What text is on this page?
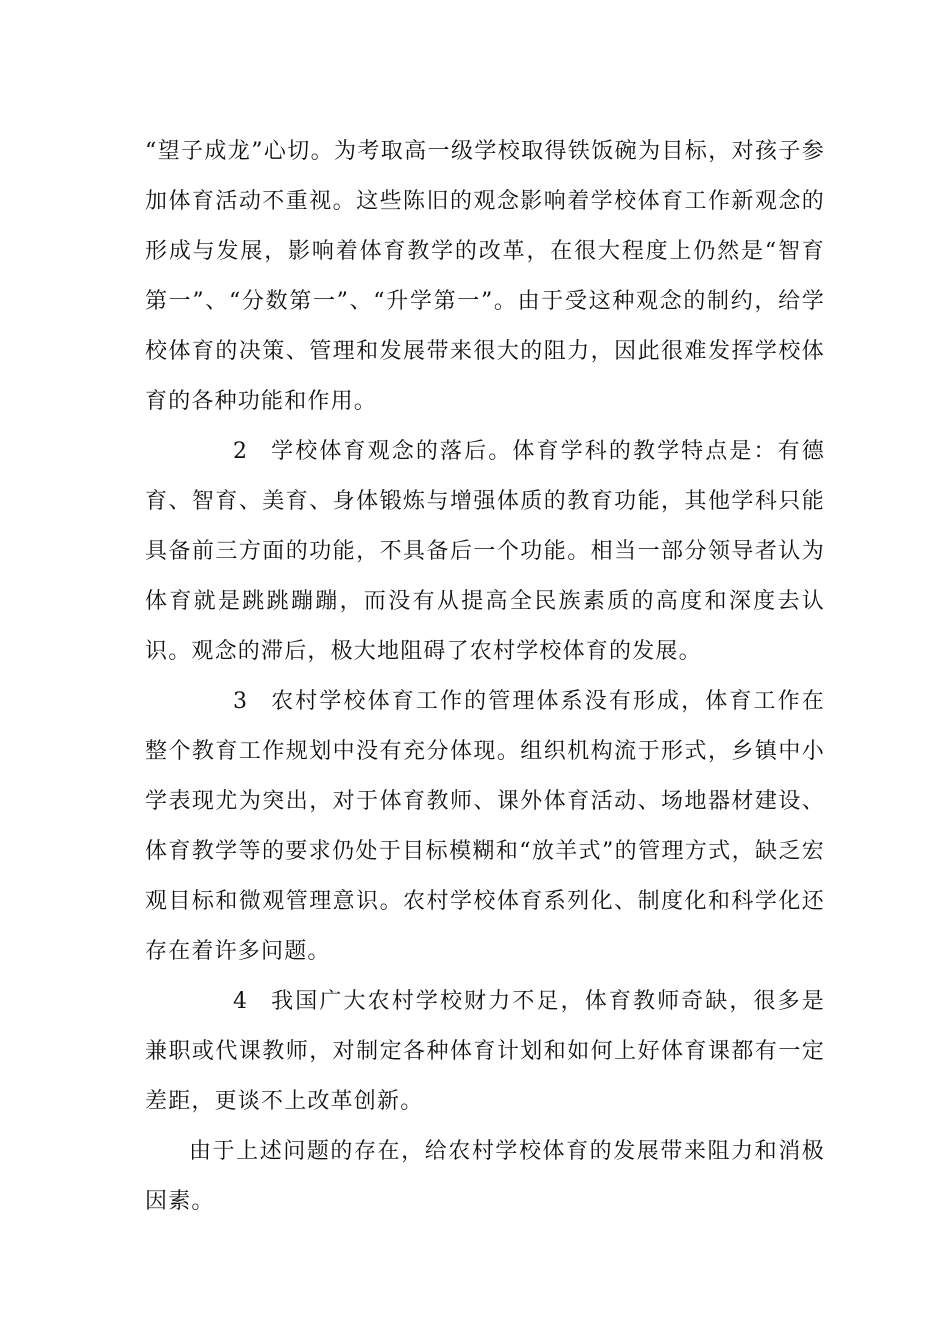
“望子成龙”心切。为考取高一级学校取得铁饭碗为目标，对孩子参加体育活动不重视。这些陈旧的观念影响着学校体育工作新观念的形成与发展，影响着体育教学的改革，在很大程度上仍然是“智育第一”、“分数第一”、“升学第一”。由于受这种观念的制约，给学校体育的决策、管理和发展带来很大的阻力，因此很难发挥学校体育的各种功能和作用。

2 学校体育观念的落后。体育学科的教学特点是：有德育、智育、美育、身体锻炼与增强体质的教育功能，其他学科只能具备前三方面的功能，不具备后一个功能。相当一部分领导者认为体育就是跳跳蹦蹦，而没有从提高全民族素质的高度和深度去认识。观念的滞后，极大地阻碍了农村学校体育的发展。

3 农村学校体育工作的管理体系没有形成，体育工作在整个教育工作规划中没有充分体现。组织机构流于形式，乡镇中小学表现尤为突出，对于体育教师、课外体育活动、场地器材建设、体育教学等的要求仍处于目标模糊和“放羊式”的管理方式，缺乏宏观目标和微观管理意识。农村学校体育系列化、制度化和科学化还存在着许多问题。

4 我国广大农村学校财力不足，体育教师奇缺，很多是兼职或代课教师，对制定各种体育计划和如何上好体育课都有一定差距，更谈不上改革创新。

由于上述问题的存在，给农村学校体育的发展带来阻力和消极因素。
